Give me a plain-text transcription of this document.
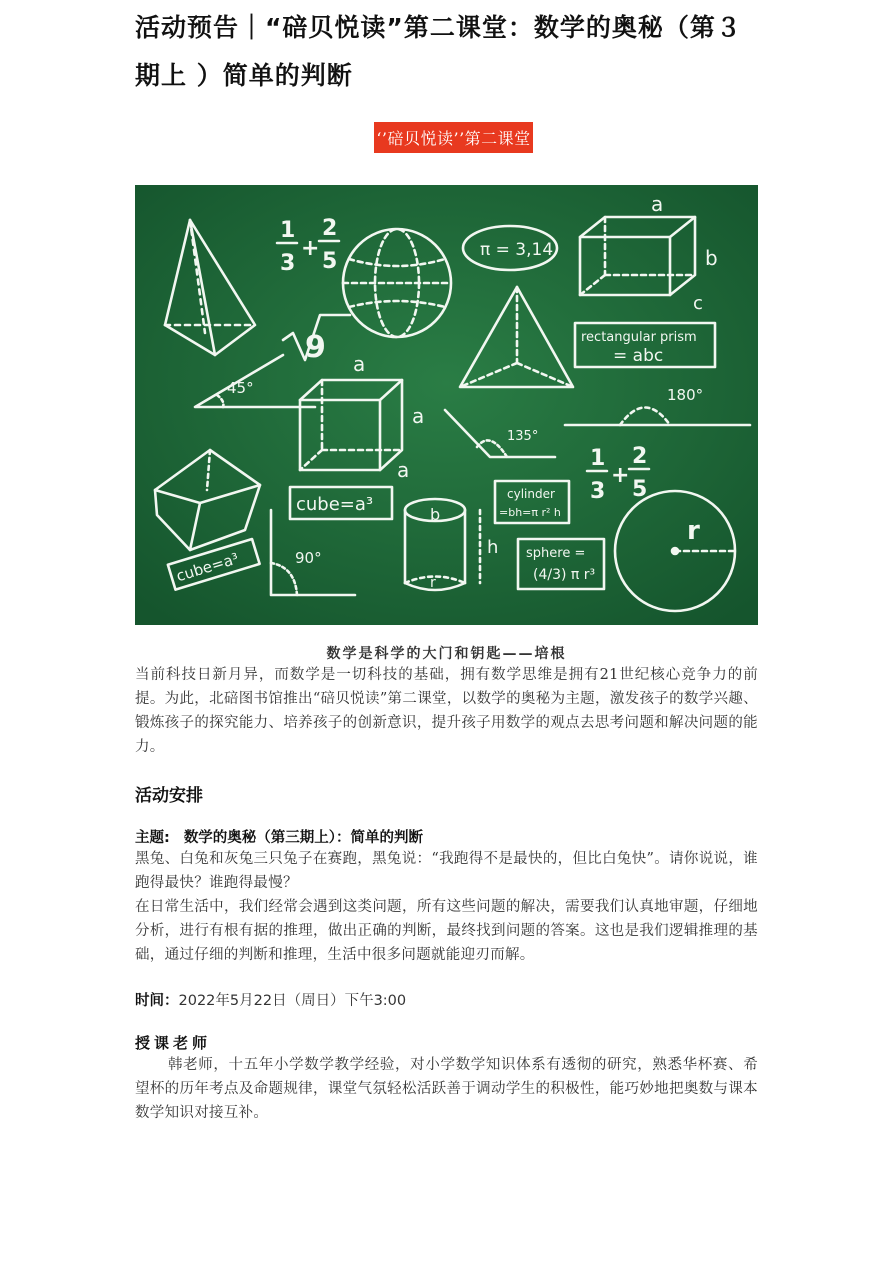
活动预告｜“碚贝悦读”第二课堂：数学的奥秘（第３期上 ）简单的判断
‘’碚贝悦读’’第二课堂
1
3
+
2
5	π = 3,14
a
b
c
rectangular prism
= abc
9
45°
a
a
a
180°
135°
1
3
+
2
5
cube=a³
cube=a³	90°
b
r
h
cylinder
=bh=π r² h
sphere =
(4/3) π r³
r
数学是科学的大门和钥匙——培根

当前科技日新月异，而数学是一切科技的基础，拥有数学思维是拥有21世纪核心竞争力的前提。为此，北碚图书馆推出“碚贝悦读”第二课堂，以数学的奥秘为主题，激发孩子的数学兴趣、锻炼孩子的探究能力、培养孩子的创新意识，提升孩子用数学的观点去思考问题和解决问题的能力。

活动安排
主题: 数学的奥秘（第三期上）：简单的判断

黑兔、白兔和灰兔三只兔子在赛跑，黑兔说：“我跑得不是最快的，但比白兔快”。请你说说，谁跑得最快？谁跑得最慢？

在日常生活中，我们经常会遇到这类问题，所有这些问题的解决，需要我们认真地审题，仔细地分析，进行有根有据的推理，做出正确的判断，最终找到问题的答案。这也是我们逻辑推理的基础，通过仔细的判断和推理，生活中很多问题就能迎刃而解。

时间：2022年5月22日（周日）下午3:00
授课老师

韩老师，十五年小学数学教学经验，对小学数学知识体系有透彻的研究，熟悉华杯赛、希望杯的历年考点及命题规律，课堂气氛轻松活跃善于调动学生的积极性，能巧妙地把奥数与课本数学知识对接互补。
